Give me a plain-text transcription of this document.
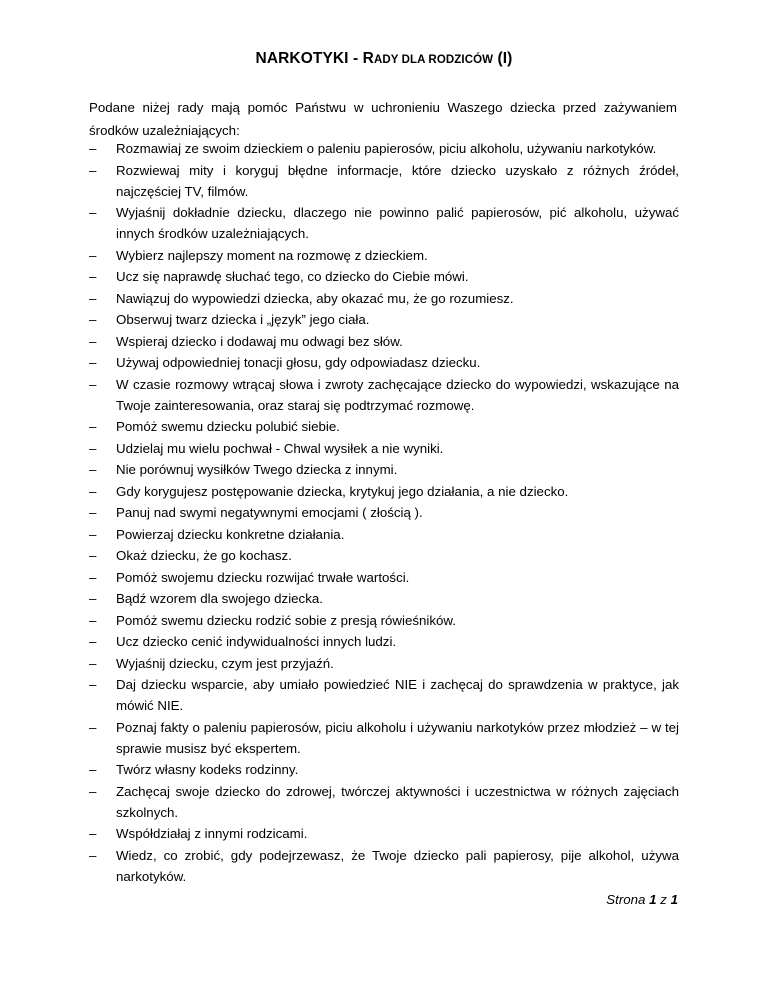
NARKOTYKI - RADY DLA RODZICÓW (I)
Podane niżej rady mają pomóc Państwu w uchronieniu Waszego dziecka przed zażywaniem środków uzależniających:
– Rozmawiaj ze swoim dzieckiem o paleniu papierosów, piciu alkoholu, używaniu narkotyków.
– Rozwiewaj mity i koryguj błędne informacje, które dziecko uzyskało z różnych źródeł, najczęściej TV, filmów.
– Wyjaśnij dokładnie dziecku, dlaczego nie powinno palić papierosów, pić alkoholu, używać innych środków uzależniających.
– Wybierz najlepszy moment na rozmowę z dzieckiem.
– Ucz się naprawdę słuchać tego, co dziecko do Ciebie mówi.
– Nawiązuj do wypowiedzi dziecka, aby okazać mu, że go rozumiesz.
– Obserwuj twarz dziecka i „język” jego ciała.
– Wspieraj dziecko i dodawaj mu odwagi bez słów.
– Używaj odpowiedniej tonacji głosu, gdy odpowiadasz dziecku.
– W czasie rozmowy wtrącaj słowa i zwroty zachęcające dziecko do wypowiedzi, wskazujące na Twoje zainteresowania, oraz staraj się podtrzymać rozmowę.
– Pomóż swemu dziecku polubić siebie.
– Udzielaj mu wielu pochwał - Chwal wysiłek a nie wyniki.
– Nie porównuj wysiłków Twego dziecka z innymi.
– Gdy korygujesz postępowanie dziecka, krytykuj jego działania, a nie dziecko.
– Panuj nad swymi negatywnymi emocjami ( złością ).
– Powierzaj dziecku konkretne działania.
– Okaż dziecku, że go kochasz.
– Pomóż swojemu dziecku rozwijać trwałe wartości.
– Bądź wzorem dla swojego dziecka.
– Pomóż swemu dziecku rodzić sobie z presją rówieśników.
– Ucz dziecko cenić indywidualności innych ludzi.
– Wyjaśnij dziecku, czym jest przyjaźń.
– Daj dziecku wsparcie, aby umiało powiedzieć NIE i zachęcaj do sprawdzenia w praktyce, jak mówić NIE.
– Poznaj fakty o paleniu papierosów, piciu alkoholu i używaniu narkotyków przez młodzież – w tej sprawie musisz być ekspertem.
– Twórz własny kodeks rodzinny.
– Zachęcaj swoje dziecko do zdrowej, twórczej aktywności i uczestnictwa w różnych zajęciach szkolnych.
– Współdziałaj z innymi rodzicami.
– Wiedz, co zrobić, gdy podejrzewasz, że Twoje dziecko pali papierosy, pije alkohol, używa narkotyków.
Strona 1 z 1
